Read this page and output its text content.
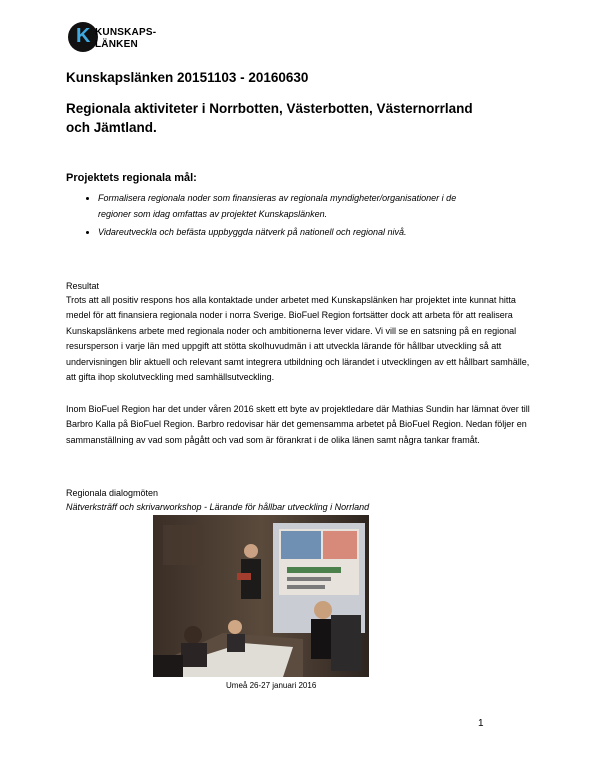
K KUNSKAPS-
LÄNKEN
Kunskapslänken 20151103 - 20160630
Regionala aktiviteter i Norrbotten, Västerbotten, Västernorrland och Jämtland.
Projektets regionala mål:
• Formalisera regionala noder som finansieras av regionala myndigheter/organisationer i de regioner som idag omfattas av projektet Kunskapslänken.
• Vidareutveckla och befästa uppbyggda nätverk på nationell och regional nivå.
Resultat

Trots att all positiv respons hos alla kontaktade under arbetet med Kunskapslänken har projektet inte kunnat hitta medel för att finansiera regionala noder i norra Sverige. BioFuel Region fortsätter dock att arbeta för att realisera Kunskapslänkens arbete med regionala noder och ambitionerna lever vidare. Vi vill se en satsning på en regional resursperson i varje län med uppgift att stötta skolhuvudmän i att utveckla lärande för hållbar utveckling så att undervisningen blir aktuell och relevant samt integrera utbildning och lärandet i utvecklingen av ett hållbart samhälle, att gifta ihop skolutveckling med samhällsutveckling.

Inom BioFuel Region har det under våren 2016 skett ett byte av projektledare där Mathias Sundin har lämnat över till Barbro Kalla på BioFuel Region. Barbro redovisar här det gemensamma arbetet på BioFuel Region. Nedan följer en sammanställning av vad som pågått och vad som är förankrat i de olika länen samt några tankar framåt.

Regionala dialogmöten
Nätverksträff och skrivarworkshop - Lärande för hållbar utveckling i Norrland
Umeå 26-27 januari 2016
1
